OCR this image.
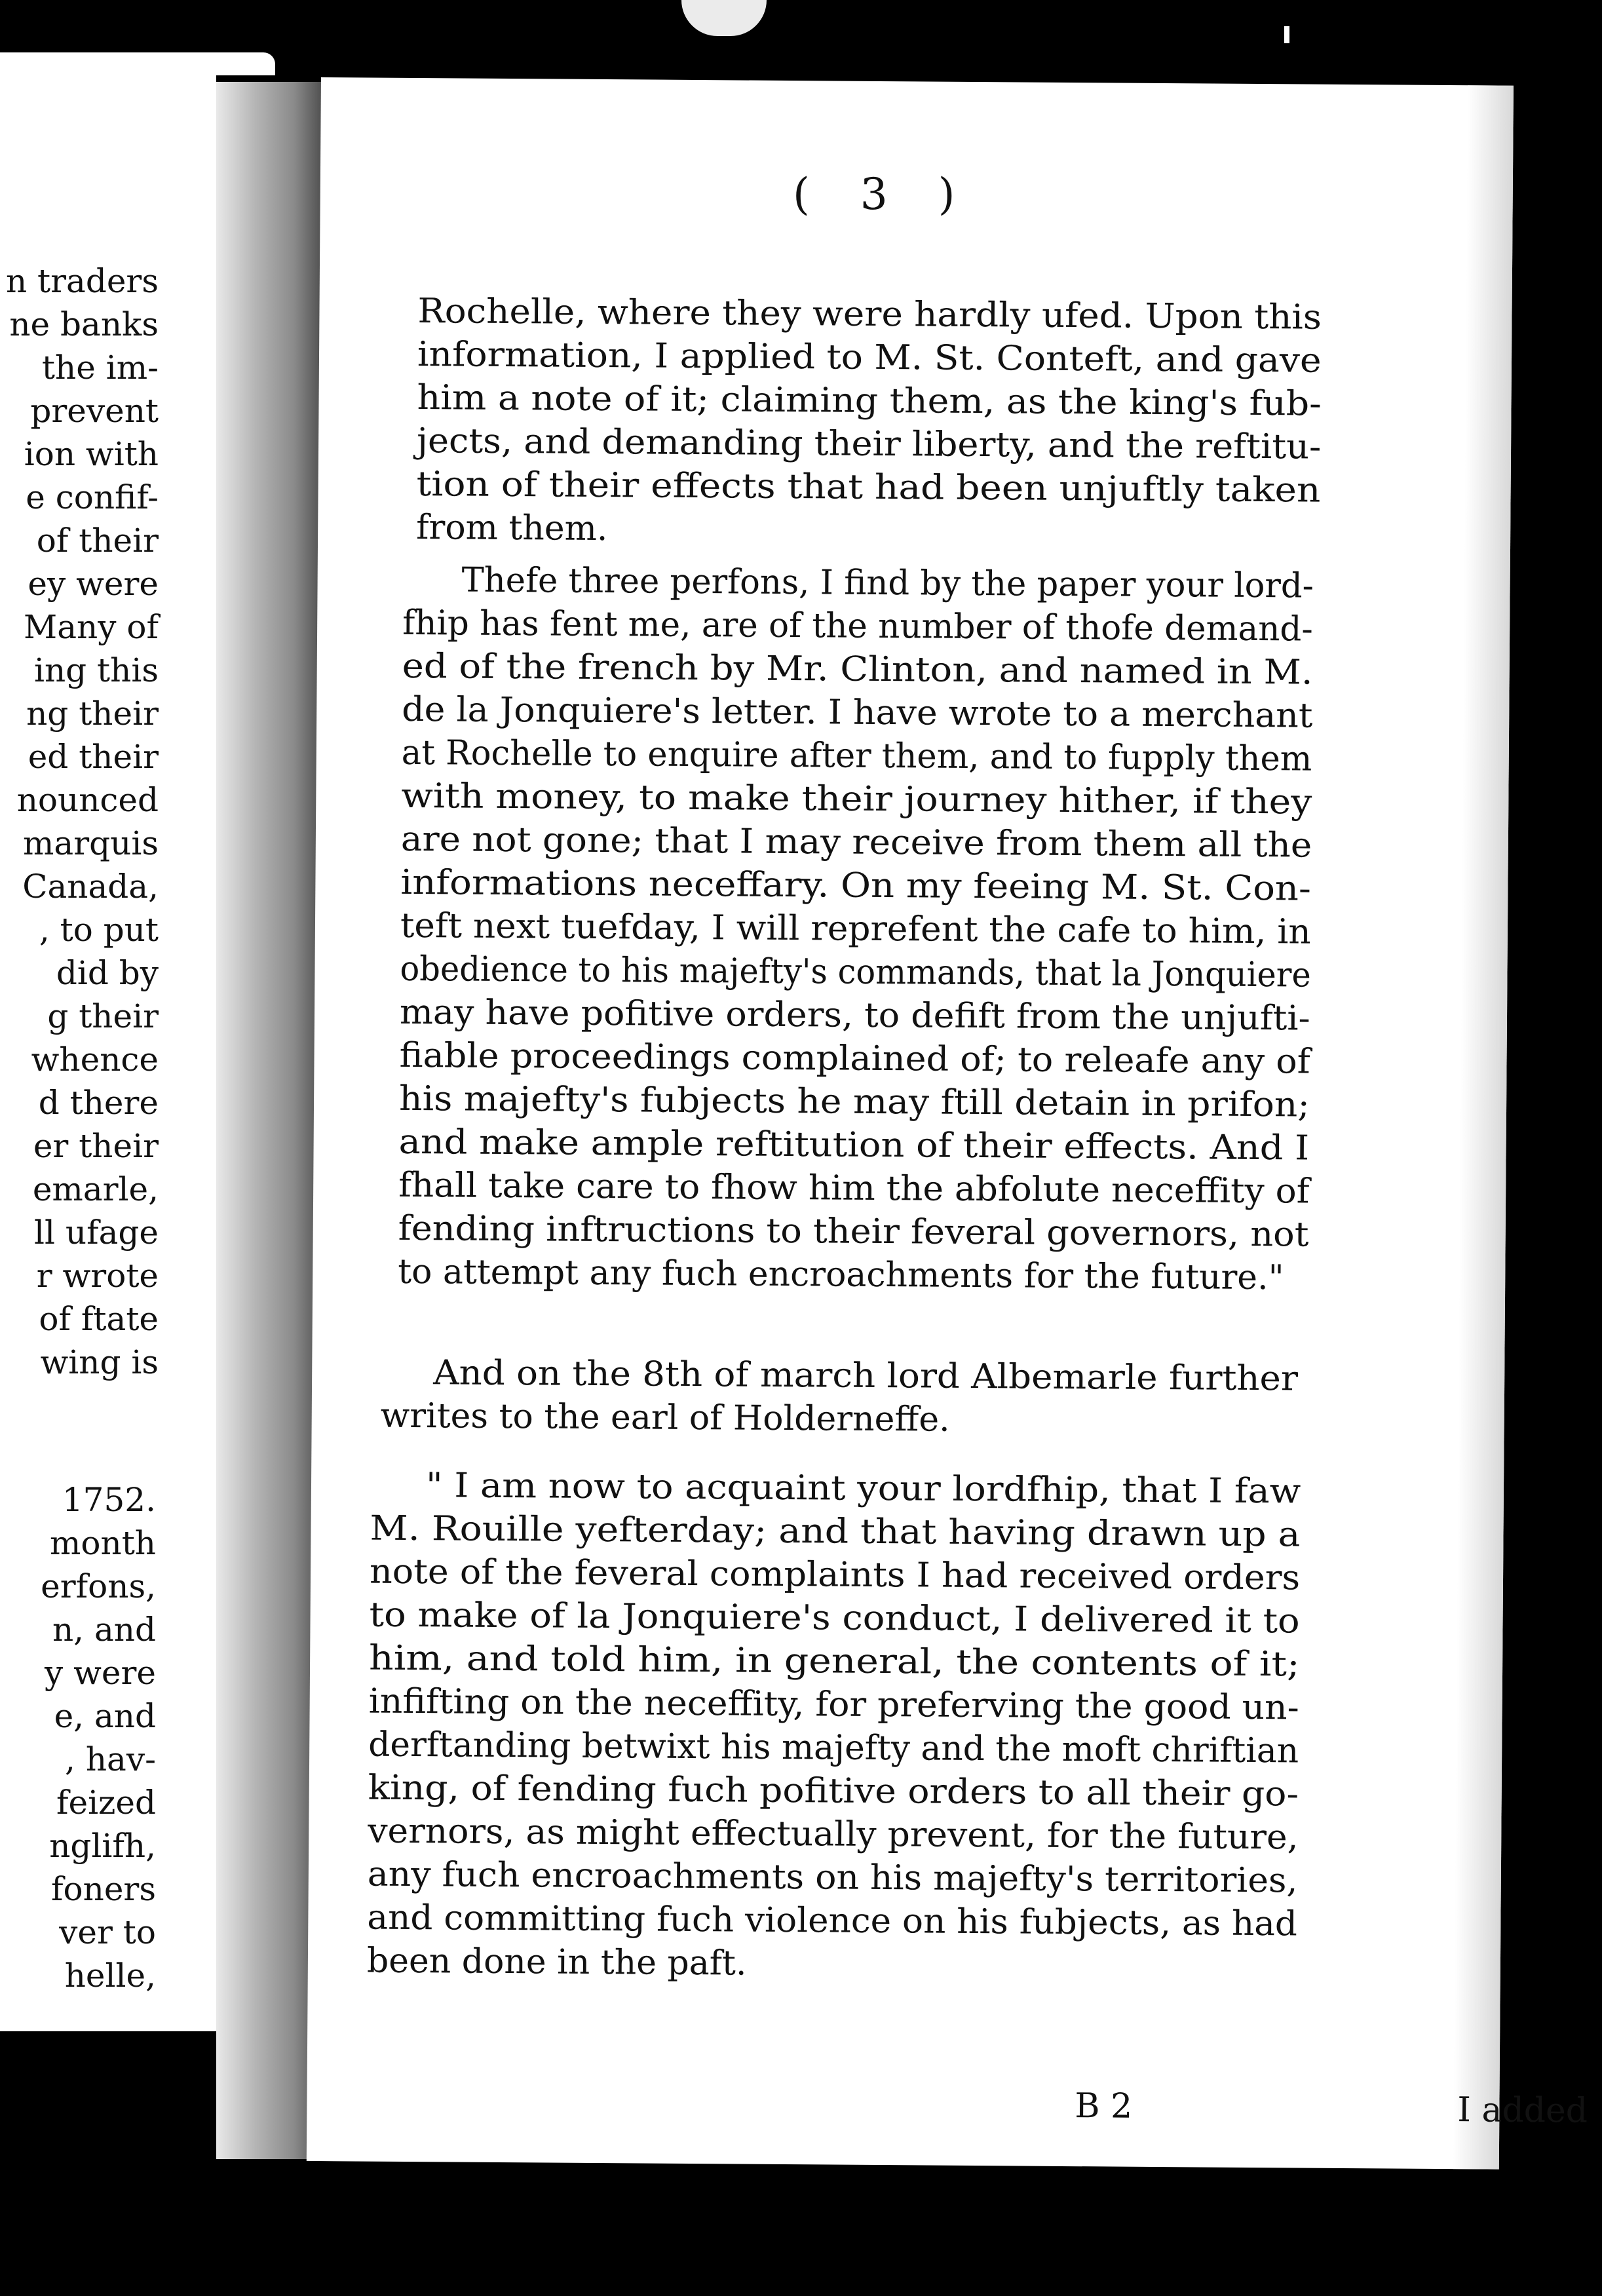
n traders
ne banks
the im-
prevent
ion with
e confif-
of their
ey were
Many of
ing this
ng their
ed their
nounced
marquis
Canada,
, to put
did by
g their
whence
d there
er their
emarle,
ll ufage
r wrote
of ftate
wing is
1752.
month
erfons,
n, and
y were
e, and
, hav-
feized
nglifh,
foners
ver to
helle,
B 2	I added
Rochelle, where they were hardly ufed. Upon this
information, I applied to M. St. Conteft, and gave
him a note of it; claiming them, as the king's fub-
jects, and demanding their liberty, and the reftitu-
tion of their effects that had been unjuftly taken
from them.
Thefe three perfons, I find by the paper your lord-
fhip has fent me, are of the number of thofe demand-
ed of the french by Mr. Clinton, and named in M.
de la Jonquiere's letter. I have wrote to a merchant
at Rochelle to enquire after them, and to fupply them
with money, to make their journey hither, if they
are not gone; that I may receive from them all the
informations neceffary. On my feeing M. St. Con-
teft next tuefday, I will reprefent the cafe to him, in
obedience to his majefty's commands, that la Jonquiere
may have pofitive orders, to defift from the unjufti-
fiable proceedings complained of; to releafe any of
his majefty's fubjects he may ftill detain in prifon;
and make ample reftitution of their effects. And I
fhall take care to fhow him the abfolute neceffity of
fending inftructions to their feveral governors, not
to attempt any fuch encroachments for the future."
And on the 8th of march lord Albemarle further
writes to the earl of Holderneffe.
" I am now to acquaint your lordfhip, that I faw
M. Rouille yefterday; and that having drawn up a
note of the feveral complaints I had received orders
to make of la Jonquiere's conduct, I delivered it to
him, and told him, in general, the contents of it;
infifting on the neceffity, for preferving the good un-
derftanding betwixt his majefty and the moft chriftian
king, of fending fuch pofitive orders to all their go-
vernors, as might effectually prevent, for the future,
any fuch encroachments on his majefty's territories,
and committing fuch violence on his fubjects, as had
been done in the paft.
( 3 )
